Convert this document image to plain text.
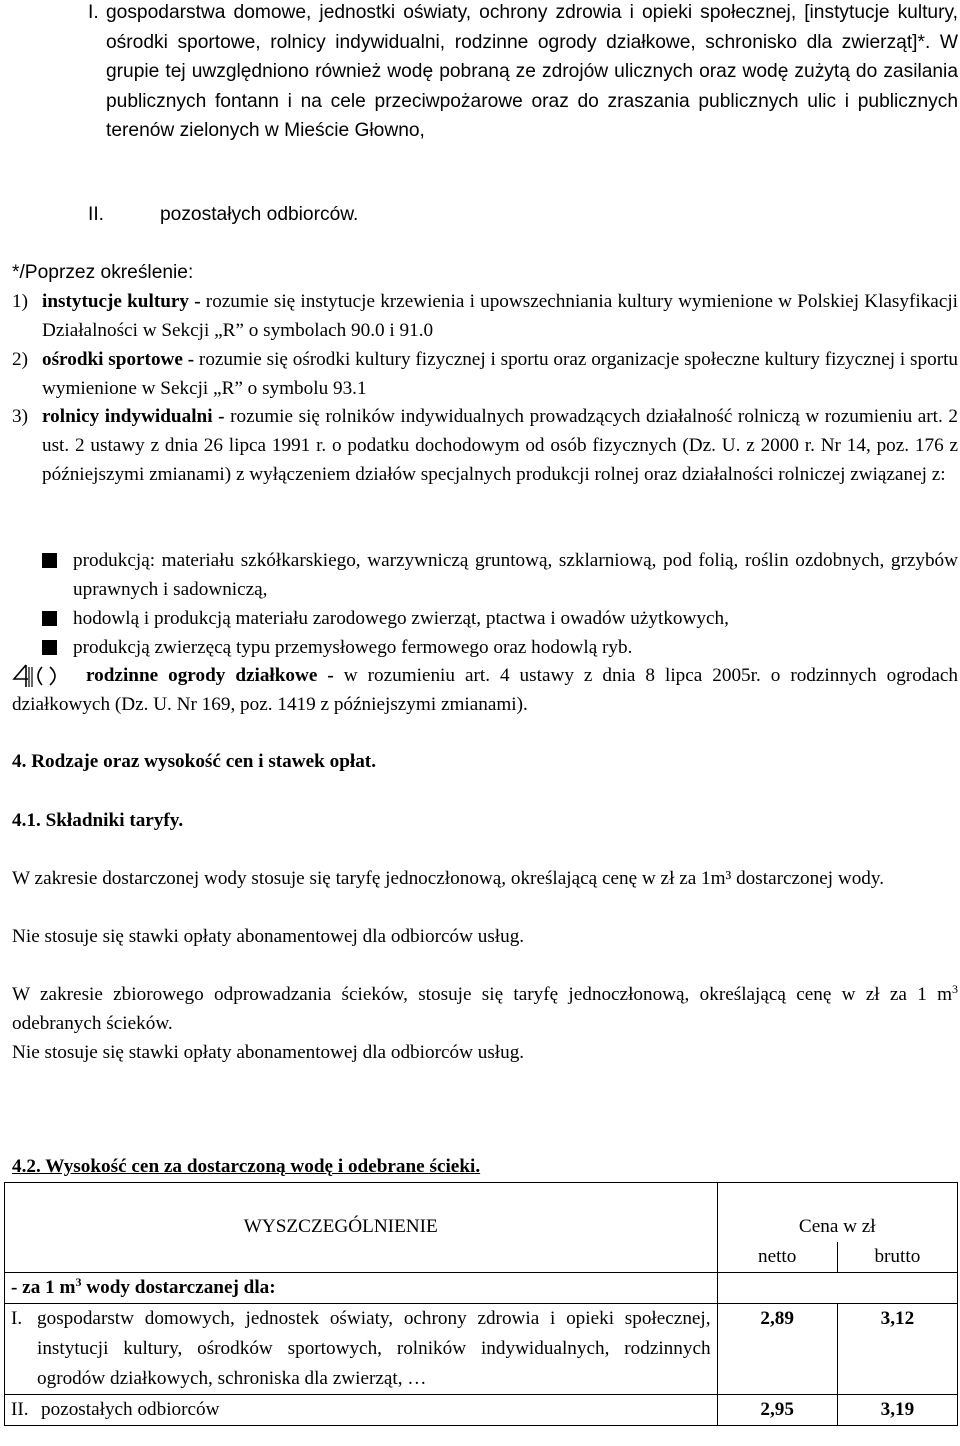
I. gospodarstwa domowe, jednostki oświaty, ochrony zdrowia i opieki społecznej, [instytucje kultury, ośrodki sportowe, rolnicy indywidualni, rodzinne ogrody działkowe, schronisko dla zwierząt]*. W grupie tej uwzględniono również wodę pobraną ze zdrojów ulicznych oraz wodę zużytą do zasilania publicznych fontann i na cele przeciwpożarowe oraz do zraszania publicznych ulic i publicznych terenów zielonych w Mieście Głowno,
II.	pozostałych odbiorców.
*/Poprzez określenie:
1) instytucje kultury - rozumie się instytucje krzewienia i upowszechniania kultury wymienione w Polskiej Klasyfikacji Działalności w Sekcji „R” o symbolach 90.0 i 91.0
2) ośrodki sportowe - rozumie się ośrodki kultury fizycznej i sportu oraz organizacje społeczne kultury fizycznej i sportu wymienione w Sekcji „R” o symbolu 93.1
3) rolnicy indywidualni - rozumie się rolników indywidualnych prowadzących działalność rolniczą w rozumieniu art. 2 ust. 2 ustawy z dnia 26 lipca 1991 r. o podatku dochodowym od osób fizycznych (Dz. U. z 2000 r. Nr 14, poz. 176 z późniejszymi zmianami) z wyłączeniem działów specjalnych produkcji rolnej oraz działalności rolniczej związanej z:
produkcją: materiału szkółkarskiego, warzywniczą gruntową, szklarniową, pod folią, roślin ozdobnych, grzybów uprawnych i sadowniczą,
hodowlą i produkcją materiału zarodowego zwierząt, ptactwa i owadów użytkowych,
produkcją zwierzęcą typu przemysłowego fermowego oraz hodowlą ryb.
rodzinne ogrody działkowe - w rozumieniu art. 4 ustawy z dnia 8 lipca 2005r. o rodzinnych ogrodach działkowych (Dz. U. Nr 169, poz. 1419 z późniejszymi zmianami).
4. Rodzaje oraz wysokość cen i stawek opłat.
4.1. Składniki taryfy.
W zakresie dostarczonej wody stosuje się taryfę jednoczłonową, określającą cenę w zł za 1m³ dostarczonej wody.
Nie stosuje się stawki opłaty abonamentowej dla odbiorców usług.
W zakresie zbiorowego odprowadzania ścieków, stosuje się taryfę jednoczłonową, określającą cenę w zł za 1 $m^3$ odebranych ścieków.
Nie stosuje się stawki opłaty abonamentowej dla odbiorców usług.
4.2. Wysokość cen za dostarczoną wodę i odebrane ścieki.
WYSZCZEGÓLNIENIE	Cena w zł	

	netto	brutto
- za 1 $m^3$ wody dostarczanej dla:		

I. gospodarstw domowych, jednostek oświaty, ochrony zdrowia i opieki społecznej, instytucji kultury, ośrodków sportowych, rolników indywidualnych, rodzinnych ogrodów działkowych, schroniska dla zwierząt, …	2,89	3,12
II. pozostałych odbiorców	2,95	3,19
